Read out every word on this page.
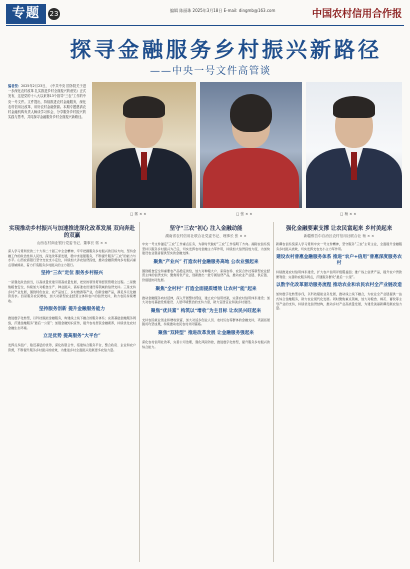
专题	23	编辑 陈丽珠 2025年3月18日 E-mail: dingmb@163.com	中国农村信用合作报
探寻金融服务乡村振兴新路径
——中央一号文件高管谈
编者按：2025年2月23日，《中共中央 国务院关于进一步深化农村改革 扎实推进乡村全面振兴的意见》正式发布，这是党的十八大以来第13个指导“三农”工作的中央一号文件。文件提出，持续推进农村金融服务，深化农村信用社改革，用好农村金融资源。本期专题邀请农村金融机构负责人畅谈学习体会，分享服务乡村振兴的实践与思考，共同探寻金融服务乡村全面振兴新路径。
□ 郭 × ×	□ 张 × ×	□ 杨 × ×
实现推动乡村振兴与加速推进深化改革发展 双向奔赴的双赢
山西农村商业银行党委书记、董事长 郭 × ×

深入学习贯彻党的二十大和二十届三中全会精神，牢牢把握服务乡村振兴的目标方向，坚持金融工作的政治性和人民性，深化改革谋发展，稳中求进强服务，不断提升服务“三农”的能力与水平。山西农商银行坚守支农支小定位，持续加大涉农信贷投放，推动金融资源向乡村振兴重点领域倾斜，着力打造服务乡村振兴的主力银行。

坚持“三农”定位 服务乡村振兴

一是强化政治担当，以高质量党建引领高质量发展，把党的领导贯穿经营管理全过程。二是聚焦粮食安全，持续加大对粮食生产、种业振兴、高标准农田建设等领域的信贷支持。三是支持乡村产业发展，围绕特色农业、农产品加工、乡村旅游等产业，创新金融产品，满足多元化融资需求。四是服务农民增收，加大对新型农业经营主体和农户的信贷支持，助力农民持续增收。

坚持服务创新 提升金融服务能力

推进数字化转型，以科技赋能金融服务，构建线上线下融合的服务体系；完善基础金融服务网络，打通金融服务“最后一公里”；加强金融知识宣传，提升农村居民金融素养，持续优化农村金融生态环境。

立足优势 提高服务“大平台”

发挥点多面广、贴近基层的优势，深化政银合作，搭建综合服务平台，整合政府、企业和农户资源，不断提升服务乡村振兴的质效，为推进乡村全面振兴贡献更多农信力量。

坚守“三农”初心 注入金融动能
湖南省农村信用社联合社党委书记、理事长 张 × ×

中央一号文件锚定“三农”工作重点任务，为新时代做好“三农”工作指明了方向。湖南农信系统坚持以服务乡村振兴为己任，切实发挥农村金融主力军作用，持续加大信贷投放力度，为加快建设农业强省提供坚实的金融支撑。

聚焦“产业兴” 打造农村金融服务高地 公农业强起来

围绕粮食安全和重要农产品稳定供给，加大对种粮大户、家庭农场、农民合作社等新型农业经营主体的信贷支持；聚焦特色产业，创新推出一批专属信贷产品，推动农业产业链、供应链、价值链协同发展。

聚焦“全村村” 打造全面提质增效 让农村“能”起来

推动金融服务向村延伸，深入开展整村授信，建立农户信用档案，完善农村信用体系建设；加大对农村基础设施建设、人居环境整治的支持力度，助力宜居宜业和美乡村建设。

聚焦“优共富” 构筑以“增收”为主目标 让农民兴旺起来

支持农民就业创业和增收致富，加大对返乡创业人员、农村妇女等群体的金融支持，巩固拓展脱贫攻坚成果，持续推动农民农村共同富裕。

聚焦“双转型” 推进改革发展 让金融服务强起来

深化农村信用社改革，完善公司治理，强化风险防控，推进数字化转型，提升服务乡村振兴的综合能力。

强化金融要素支撑 让农民富起来 乡村美起来
新疆维吾尔自治区农村信用社联合社 杨 × ×

新疆农信系统深入学习贯彻中央一号文件精神，坚守服务“三农”主责主业，全面提升金融服务乡村振兴质效，切实发挥支农支小主力军作用。

建设农村普惠金融服务体系 推进“农户+信用”普惠深度服务农村

持续推进农村信用体系建设，扩大农户信用评级覆盖面；推广线上信贷产品，提升农户贷款便利度；完善助农服务网点，打通服务群众“最后一公里”。

以数字化改革驱动服务流程 推动农业和农民农村全产业链改造

加快数字化转型步伐，以科技赋能业务发展，推动线上线下融合，为农业全产业链提供一站式综合金融服务，助力农业现代化发展。同时聚焦重点领域，加大对粮食、棉花、畜牧等主导产业的支持，持续优化信贷结构，推动乡村产业高质量发展，为建设美丽新疆贡献农信力量。
